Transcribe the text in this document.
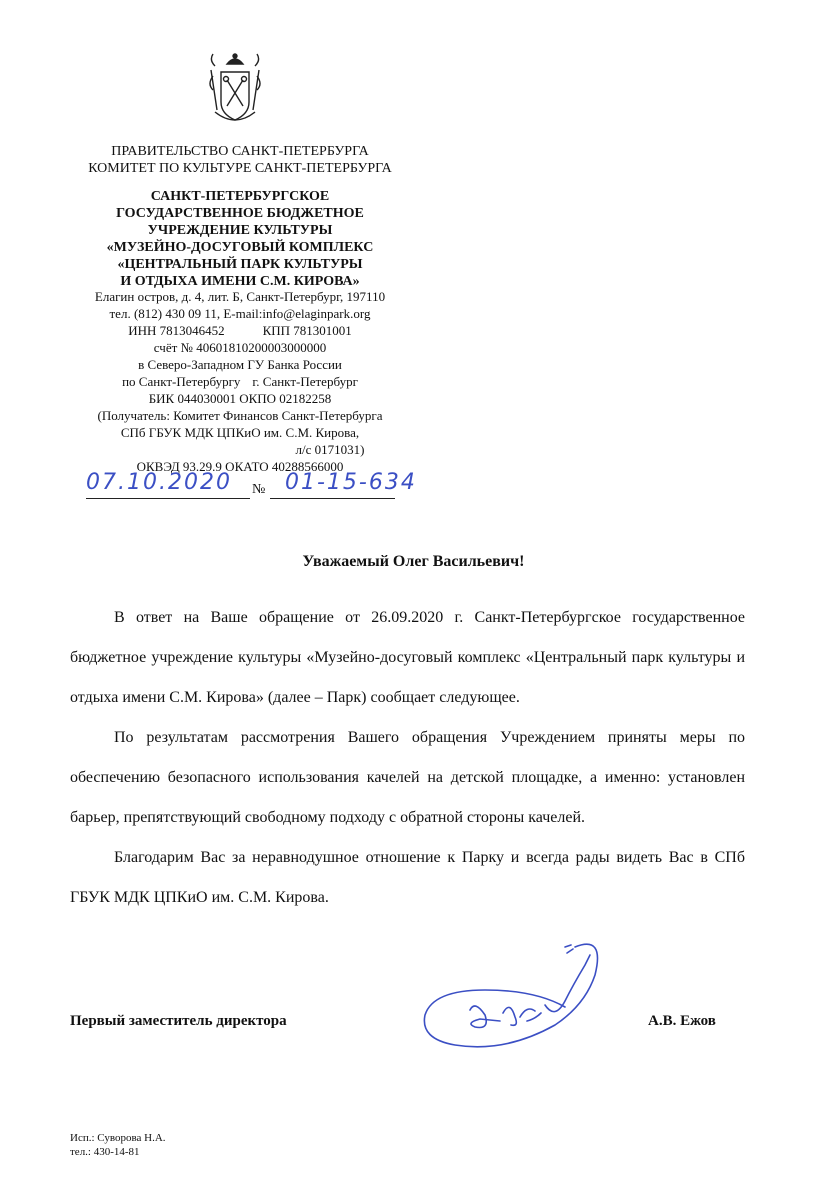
ПРАВИТЕЛЬСТВО САНКТ-ПЕТЕРБУРГА
КОМИТЕТ ПО КУЛЬТУРЕ САНКТ-ПЕТЕРБУРГА
САНКТ-ПЕТЕРБУРГСКОЕ
ГОСУДАРСТВЕННОЕ БЮДЖЕТНОЕ
УЧРЕЖДЕНИЕ КУЛЬТУРЫ
«МУЗЕЙНО-ДОСУГОВЫЙ КОМПЛЕКС
«ЦЕНТРАЛЬНЫЙ ПАРК КУЛЬТУРЫ
И ОТДЫХА ИМЕНИ С.М. КИРОВА»
Елагин остров, д. 4, лит. Б, Санкт-Петербург, 197110
тел. (812) 430 09 11, E-mail:info@elaginpark.org
ИНН 7813046452	КПП 781301001
счёт № 40601810200003000000
в Северо-Западном ГУ Банка России
по Санкт-Петербургу г. Санкт-Петербург
БИК 044030001 ОКПО 02182258
(Получатель: Комитет Финансов Санкт-Петербурга
СПб ГБУК МДК ЦПКиО им. С.М. Кирова,
л/с 0171031)
ОКВЭД 93.29.9 ОКАТО 40288566000
07.10.2020 № 01-15-634
Уважаемый Олег Васильевич!
В ответ на Ваше обращение от 26.09.2020 г. Санкт-Петербургское государственное бюджетное учреждение культуры «Музейно-досуговый комплекс «Центральный парк культуры и отдыха имени С.М. Кирова» (далее – Парк) сообщает следующее.
По результатам рассмотрения Вашего обращения Учреждением приняты меры по обеспечению безопасного использования качелей на детской площадке, а именно: установлен барьер, препятствующий свободному подходу с обратной стороны качелей.
Благодарим Вас за неравнодушное отношение к Парку и всегда рады видеть Вас в СПб ГБУК МДК ЦПКиО им. С.М. Кирова.
Первый заместитель директора	А.В. Ежов
Исп.: Суворова Н.А.
тел.: 430-14-81
